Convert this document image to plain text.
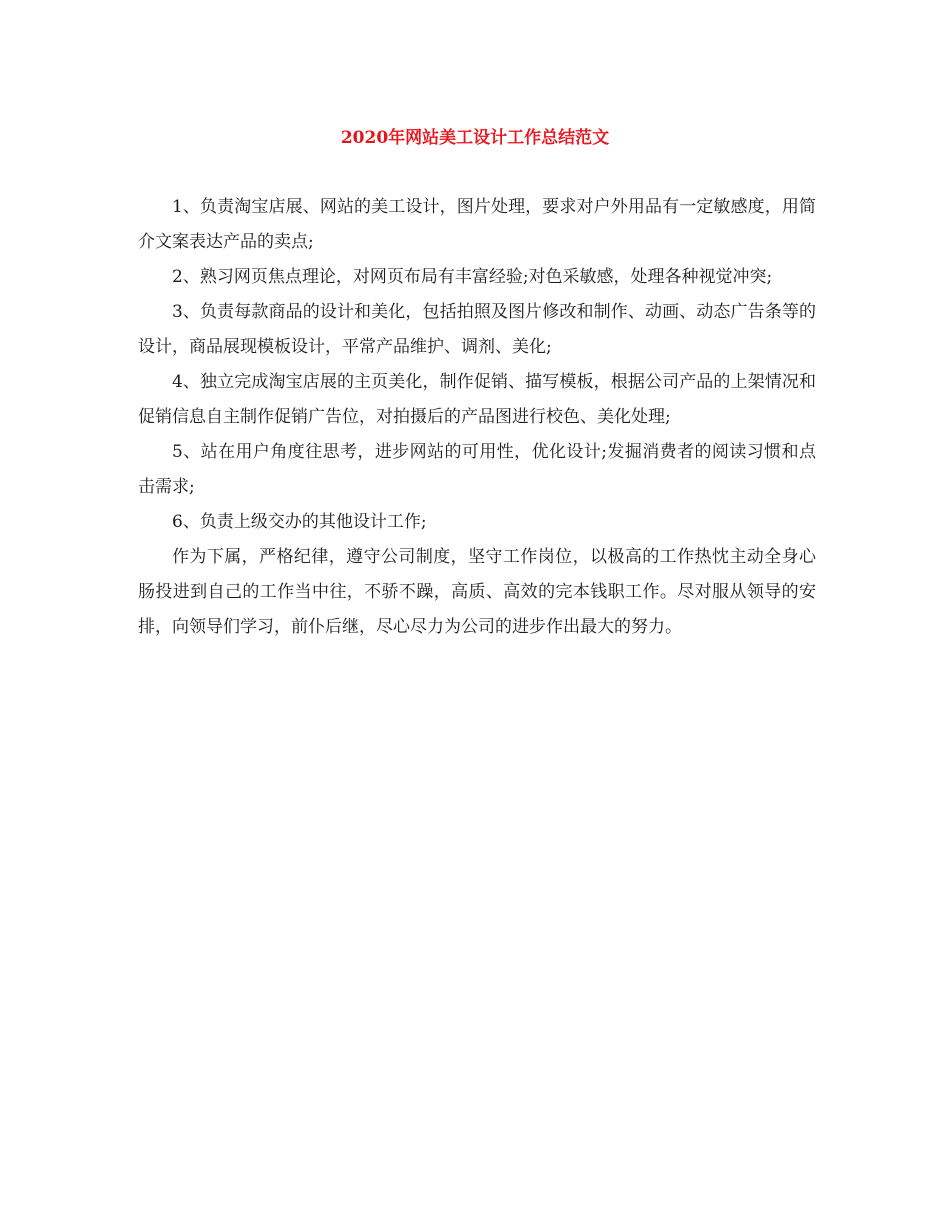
2020年网站美工设计工作总结范文

1、负责淘宝店展、网站的美工设计，图片处理，要求对户外用品有一定敏感度，用简介文案表达产品的卖点;

2、熟习网页焦点理论，对网页布局有丰富经验;对色采敏感，处理各种视觉冲突;

3、负责每款商品的设计和美化，包括拍照及图片修改和制作、动画、动态广告条等的设计，商品展现模板设计，平常产品维护、调剂、美化;

4、独立完成淘宝店展的主页美化，制作促销、描写模板，根据公司产品的上架情况和促销信息自主制作促销广告位，对拍摄后的产品图进行校色、美化处理;

5、站在用户角度往思考，进步网站的可用性，优化设计;发掘消费者的阅读习惯和点击需求;

6、负责上级交办的其他设计工作;

作为下属，严格纪律，遵守公司制度，坚守工作岗位，以极高的工作热忱主动全身心肠投进到自己的工作当中往，不骄不躁，高质、高效的完本钱职工作。尽对服从领导的安排，向领导们学习，前仆后继，尽心尽力为公司的进步作出最大的努力。
